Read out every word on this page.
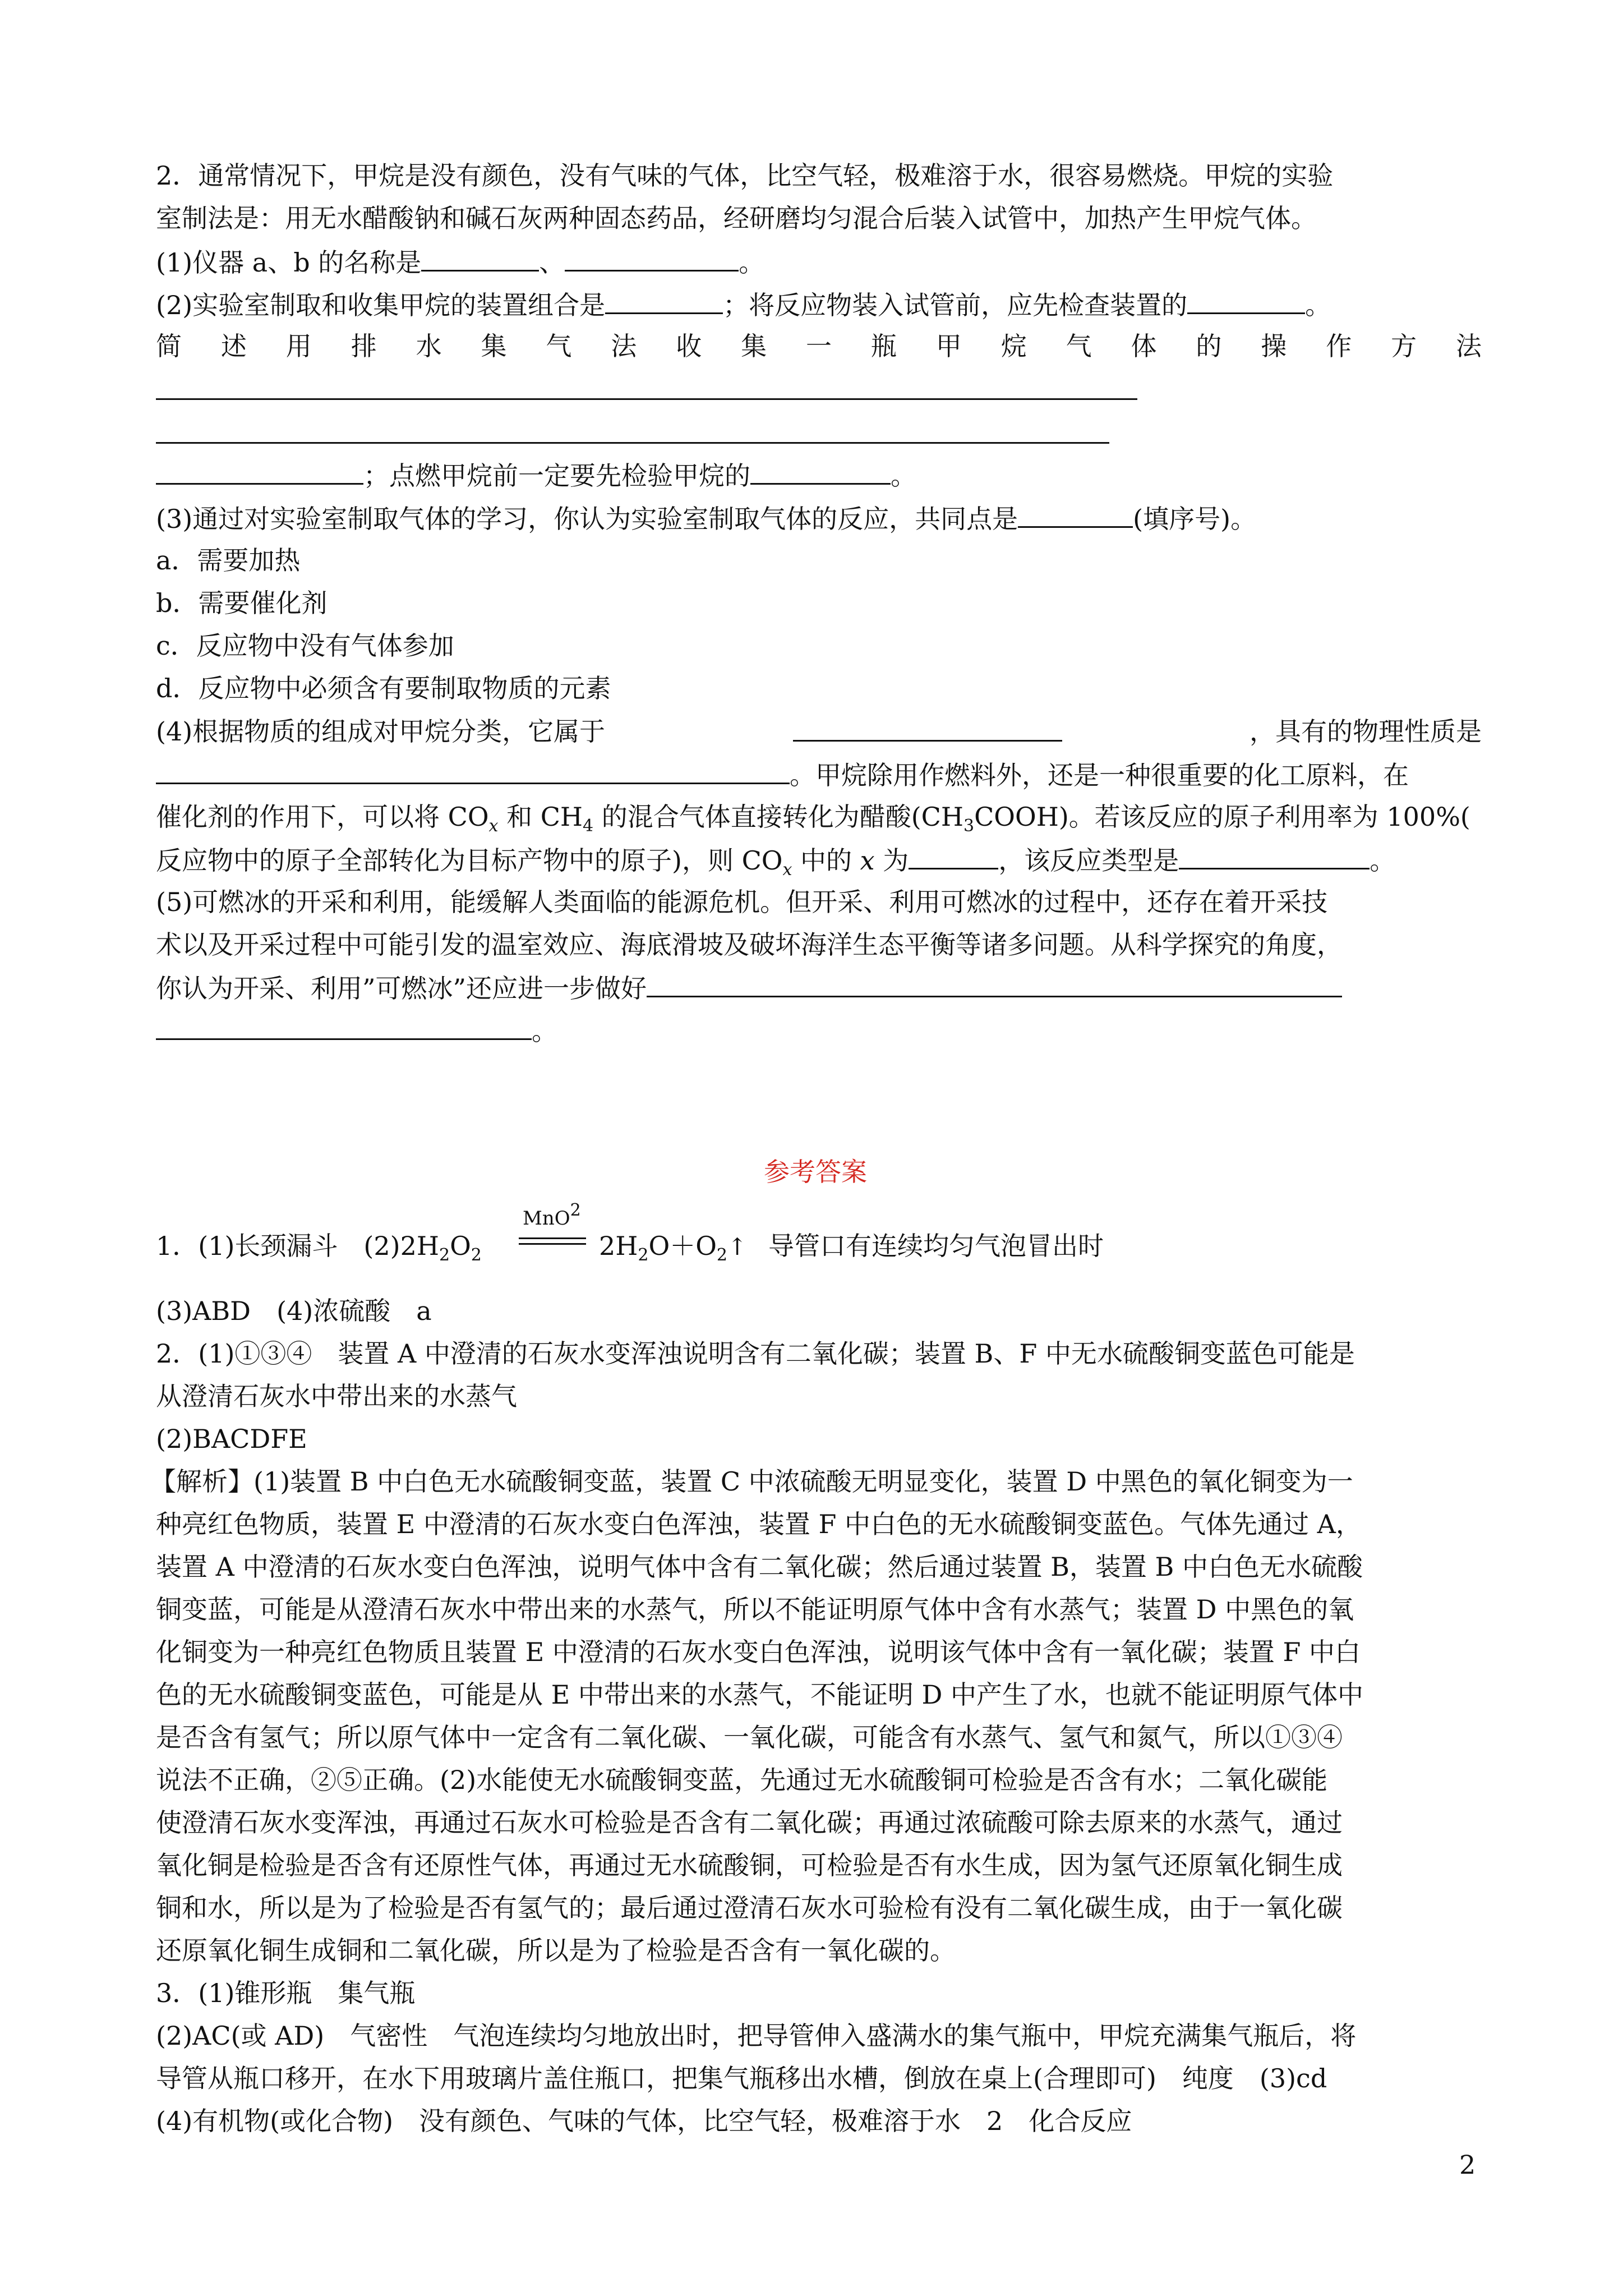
2．通常情况下，甲烷是没有颜色，没有气味的气体，比空气轻，极难溶于水，很容易燃烧。甲烷的实验
室制法是：用无水醋酸钠和碱石灰两种固态药品，经研磨均匀混合后装入试管中，加热产生甲烷气体。
(1)仪器 a、b 的名称是	、	。
(2)实验室制取和收集甲烷的装置组合是	；将反应物装入试管前，应先检查装置的	。
简述用排水集气法收集一瓶甲烷气体的操作方法
；点燃甲烷前一定要先检验甲烷的	。
(3)通过对实验室制取气体的学习，你认为实验室制取气体的反应，共同点是	(填序号)。
a．需要加热
b．需要催化剂
c．反应物中没有气体参加
d．反应物中必须含有要制取物质的元素
(4)根据物质的组成对甲烷分类，它属于	，具有的物理性质是
。甲烷除用作燃料外，还是一种很重要的化工原料，在
催化剂的作用下，可以将 $CO_x$ 和 $CH_4$ 的混合气体直接转化为醋酸$(CH_3COOH)$。若该反应的原子利用率为 100%(
反应物中的原子全部转化为目标产物中的原子)，则 $CO_x$ 中的 x 为	，该反应类型是	。
(5)可燃冰的开采和利用，能缓解人类面临的能源危机。但开采、利用可燃冰的过程中，还存在着开采技
术以及开采过程中可能引发的温室效应、海底滑坡及破坏海洋生态平衡等诸多问题。从科学探究的角度，
你认为开采、利用”可燃冰”还应进一步做好
。
参考答案
1．(1)长颈漏斗　$(2)2H_2O_2$
MnO2
$2H_2O+O_2↑$ 导管口有连续均匀气泡冒出时
(3)ABD　(4)浓硫酸　a
2．(1)①③④　装置 A 中澄清的石灰水变浑浊说明含有二氧化碳；装置 B、F 中无水硫酸铜变蓝色可能是
从澄清石灰水中带出来的水蒸气
(2)BACDFE
【解析】(1)装置 B 中白色无水硫酸铜变蓝，装置 C 中浓硫酸无明显变化，装置 D 中黑色的氧化铜变为一
种亮红色物质，装置 E 中澄清的石灰水变白色浑浊，装置 F 中白色的无水硫酸铜变蓝色。气体先通过 A，
装置 A 中澄清的石灰水变白色浑浊，说明气体中含有二氧化碳；然后通过装置 B，装置 B 中白色无水硫酸
铜变蓝，可能是从澄清石灰水中带出来的水蒸气，所以不能证明原气体中含有水蒸气；装置 D 中黑色的氧
化铜变为一种亮红色物质且装置 E 中澄清的石灰水变白色浑浊，说明该气体中含有一氧化碳；装置 F 中白
色的无水硫酸铜变蓝色，可能是从 E 中带出来的水蒸气，不能证明 D 中产生了水，也就不能证明原气体中
是否含有氢气；所以原气体中一定含有二氧化碳、一氧化碳，可能含有水蒸气、氢气和氮气，所以①③④
说法不正确，②⑤正确。(2)水能使无水硫酸铜变蓝，先通过无水硫酸铜可检验是否含有水；二氧化碳能
使澄清石灰水变浑浊，再通过石灰水可检验是否含有二氧化碳；再通过浓硫酸可除去原来的水蒸气，通过
氧化铜是检验是否含有还原性气体，再通过无水硫酸铜，可检验是否有水生成，因为氢气还原氧化铜生成
铜和水，所以是为了检验是否有氢气的；最后通过澄清石灰水可验检有没有二氧化碳生成，由于一氧化碳
还原氧化铜生成铜和二氧化碳，所以是为了检验是否含有一氧化碳的。
3．(1)锥形瓶　集气瓶
(2)AC(或 AD)　气密性　气泡连续均匀地放出时，把导管伸入盛满水的集气瓶中，甲烷充满集气瓶后，将
导管从瓶口移开，在水下用玻璃片盖住瓶口，把集气瓶移出水槽，倒放在桌上(合理即可)　纯度　(3)cd
(4)有机物(或化合物)　没有颜色、气味的气体，比空气轻，极难溶于水　2　化合反应
2
